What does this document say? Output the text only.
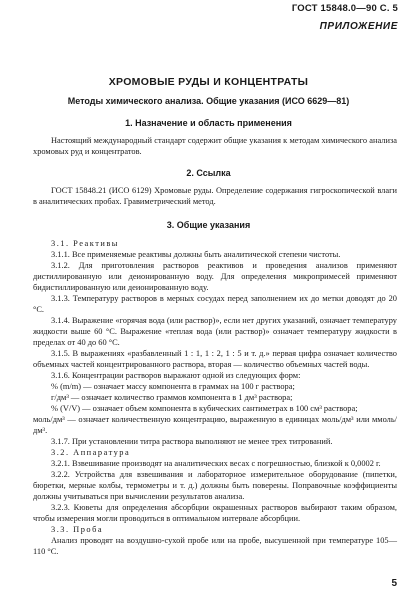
ГОСТ 15848.0—90 С. 5
ПРИЛОЖЕНИЕ
ХРОМОВЫЕ РУДЫ И КОНЦЕНТРАТЫ
Методы химического анализа. Общие указания (ИСО 6629—81)
1. Назначение и область применения

Настоящий международный стандарт содержит общие указания к методам химического анализа хромовых руд и концентратов.

2. Ссылка

ГОСТ 15848.21 (ИСО 6129) Хромовые руды. Определение содержания гигроскопической влаги в аналитических пробах. Гравиметрический метод.

3. Общие указания

3.1. Реактивы

3.1.1. Все применяемые реактивы должны быть аналитической степени чистоты.

3.1.2. Для приготовления растворов реактивов и проведения анализов применяют дистиллированную или деионированную воду. Для определения микропримесей применяют бидистиллированную или деионированную воду.

3.1.3. Температуру растворов в мерных сосудах перед заполнением их до метки доводят до 20 °С.

3.1.4. Выражение «горячая вода (или раствор)», если нет других указаний, означает температуру жидкости выше 60 °С. Выражение «теплая вода (или раствор)» означает температуру жидкости в пределах от 40 до 60 °С.

3.1.5. В выражениях «разбавленный 1 : 1, 1 : 2, 1 : 5 и т. д.» первая цифра означает количество объемных частей концентрированного раствора, вторая — количество объемных частей воды.

3.1.6. Концентрации растворов выражают одной из следующих форм:

% (m/m) — означает массу компонента в граммах на 100 г раствора;

г/дм³ — означает количество граммов компонента в 1 дм³ раствора;

% (V/V) — означает объем компонента в кубических сантиметрах в 100 см³ раствора;

моль/дм³ — означает количественную концентрацию, выраженную в единицах моль/дм³ или ммоль/дм³.

3.1.7. При установлении титра раствора выполняют не менее трех титрований.

3.2. Аппаратура

3.2.1. Взвешивание производят на аналитических весах с погрешностью, близкой к 0,0002 г.

3.2.2. Устройства для взвешивания и лабораторное измерительное оборудование (пипетки, бюретки, мерные колбы, термометры и т. д.) должны быть поверены. Поправочные коэффициенты должны учитываться при вычислении результатов анализа.

3.2.3. Кюветы для определения абсорбции окрашенных растворов выбирают таким образом, чтобы измерения могли проводиться в оптимальном интервале абсорбции.

3.3. Проба

Анализ проводят на воздушно-сухой пробе или на пробе, высушенной при температуре 105—110 °С.

5
